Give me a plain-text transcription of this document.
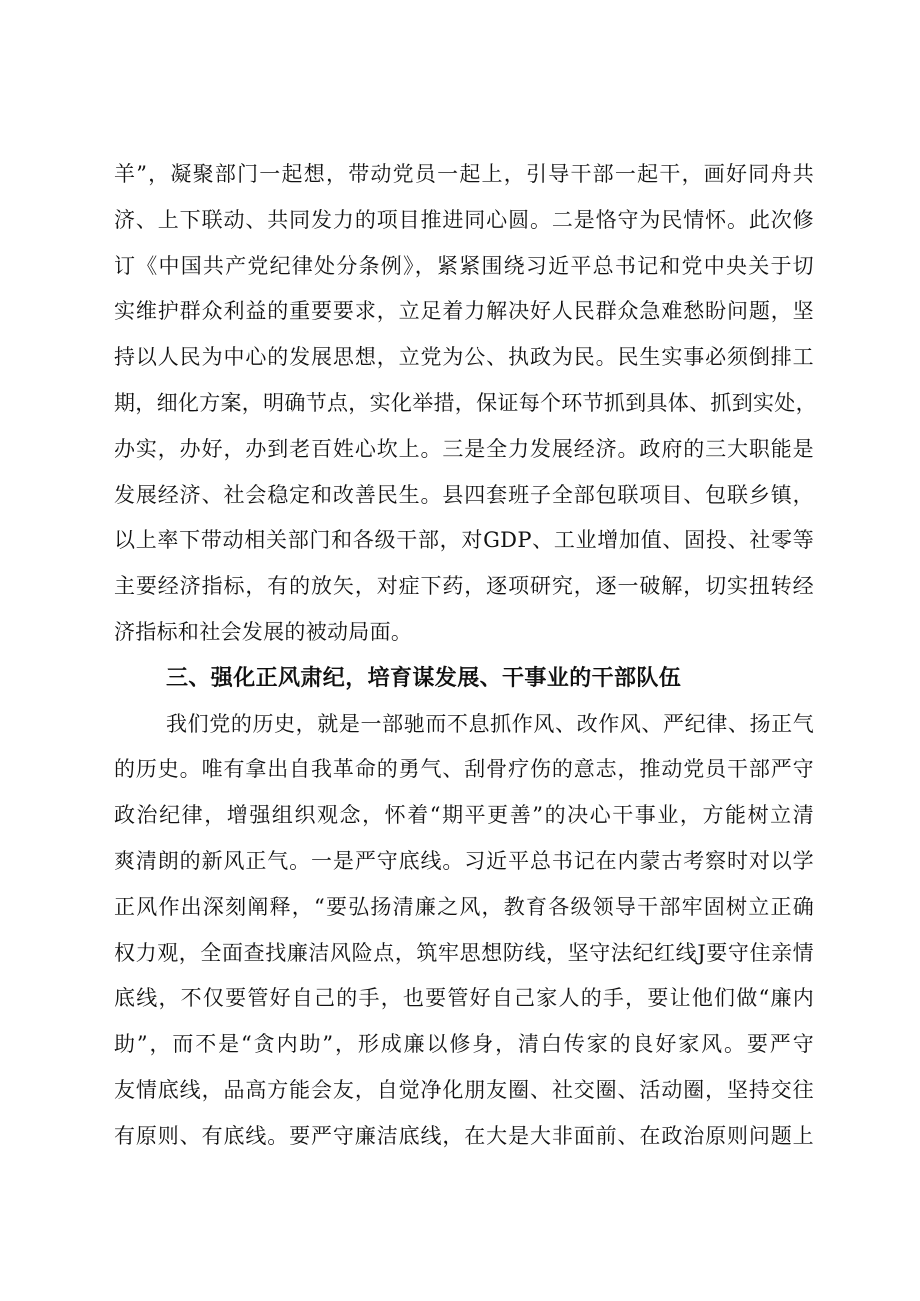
羊”，凝聚部门一起想，带动党员一起上，引导干部一起干，画好同舟共
济、上下联动、共同发力的项目推进同心圆。二是恪守为民情怀。此次修
订《中国共产党纪律处分条例》，紧紧围绕习近平总书记和党中央关于切
实维护群众利益的重要要求，立足着力解决好人民群众急难愁盼问题，坚
持以人民为中心的发展思想，立党为公、执政为民。民生实事必须倒排工
期，细化方案，明确节点，实化举措，保证每个环节抓到具体、抓到实处，
办实，办好，办到老百姓心坎上。三是全力发展经济。政府的三大职能是
发展经济、社会稳定和改善民生。县四套班子全部包联项目、包联乡镇，
以上率下带动相关部门和各级干部，对GDP、工业增加值、固投、社零等
主要经济指标，有的放矢，对症下药，逐项研究，逐一破解，切实扭转经
济指标和社会发展的被动局面。
三、强化正风肃纪，培育谋发展、干事业的干部队伍
我们党的历史，就是一部驰而不息抓作风、改作风、严纪律、扬正气
的历史。唯有拿出自我革命的勇气、刮骨疗伤的意志，推动党员干部严守
政治纪律，增强组织观念，怀着“期平更善”的决心干事业，方能树立清
爽清朗的新风正气。一是严守底线。习近平总书记在内蒙古考察时对以学
正风作出深刻阐释，“要弘扬清廉之风，教育各级领导干部牢固树立正确
权力观，全面查找廉洁风险点，筑牢思想防线，坚守法纪红线J要守住亲情
底线，不仅要管好自己的手，也要管好自己家人的手，要让他们做“廉内
助”，而不是“贪内助”，形成廉以修身，清白传家的良好家风。要严守
友情底线，品高方能会友，自觉净化朋友圈、社交圈、活动圈，坚持交往
有原则、有底线。要严守廉洁底线，在大是大非面前、在政治原则问题上
